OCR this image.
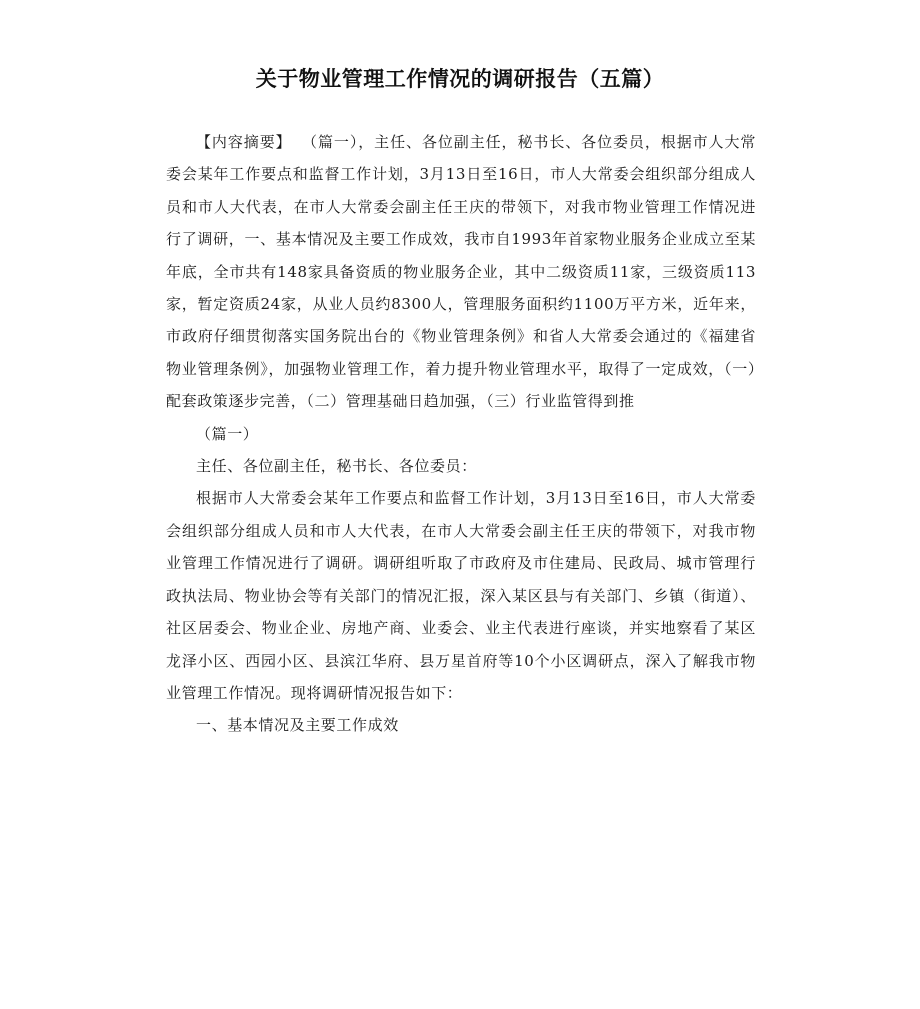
关于物业管理工作情况的调研报告（五篇）

【内容摘要】 （篇一），主任、各位副主任，秘书长、各位委员，根据市人大常委会某年工作要点和监督工作计划，3月13日至16日，市人大常委会组织部分组成人员和市人大代表，在市人大常委会副主任王庆的带领下，对我市物业管理工作情况进行了调研，一、基本情况及主要工作成效，我市自1993年首家物业服务企业成立至某年底，全市共有148家具备资质的物业服务企业，其中二级资质11家，三级资质113家，暂定资质24家，从业人员约8300人，管理服务面积约1100万平方米，近年来，市政府仔细贯彻落实国务院出台的《物业管理条例》和省人大常委会通过的《福建省物业管理条例》，加强物业管理工作，着力提升物业管理水平，取得了一定成效，（一）配套政策逐步完善，（二）管理基础日趋加强，（三）行业监管得到推

（篇一）

主任、各位副主任，秘书长、各位委员：

根据市人大常委会某年工作要点和监督工作计划，3月13日至16日，市人大常委会组织部分组成人员和市人大代表，在市人大常委会副主任王庆的带领下，对我市物业管理工作情况进行了调研。调研组听取了市政府及市住建局、民政局、城市管理行政执法局、物业协会等有关部门的情况汇报，深入某区县与有关部门、乡镇（街道）、社区居委会、物业企业、房地产商、业委会、业主代表进行座谈，并实地察看了某区龙泽小区、西园小区、县滨江华府、县万星首府等10个小区调研点，深入了解我市物业管理工作情况。现将调研情况报告如下：

一、基本情况及主要工作成效
